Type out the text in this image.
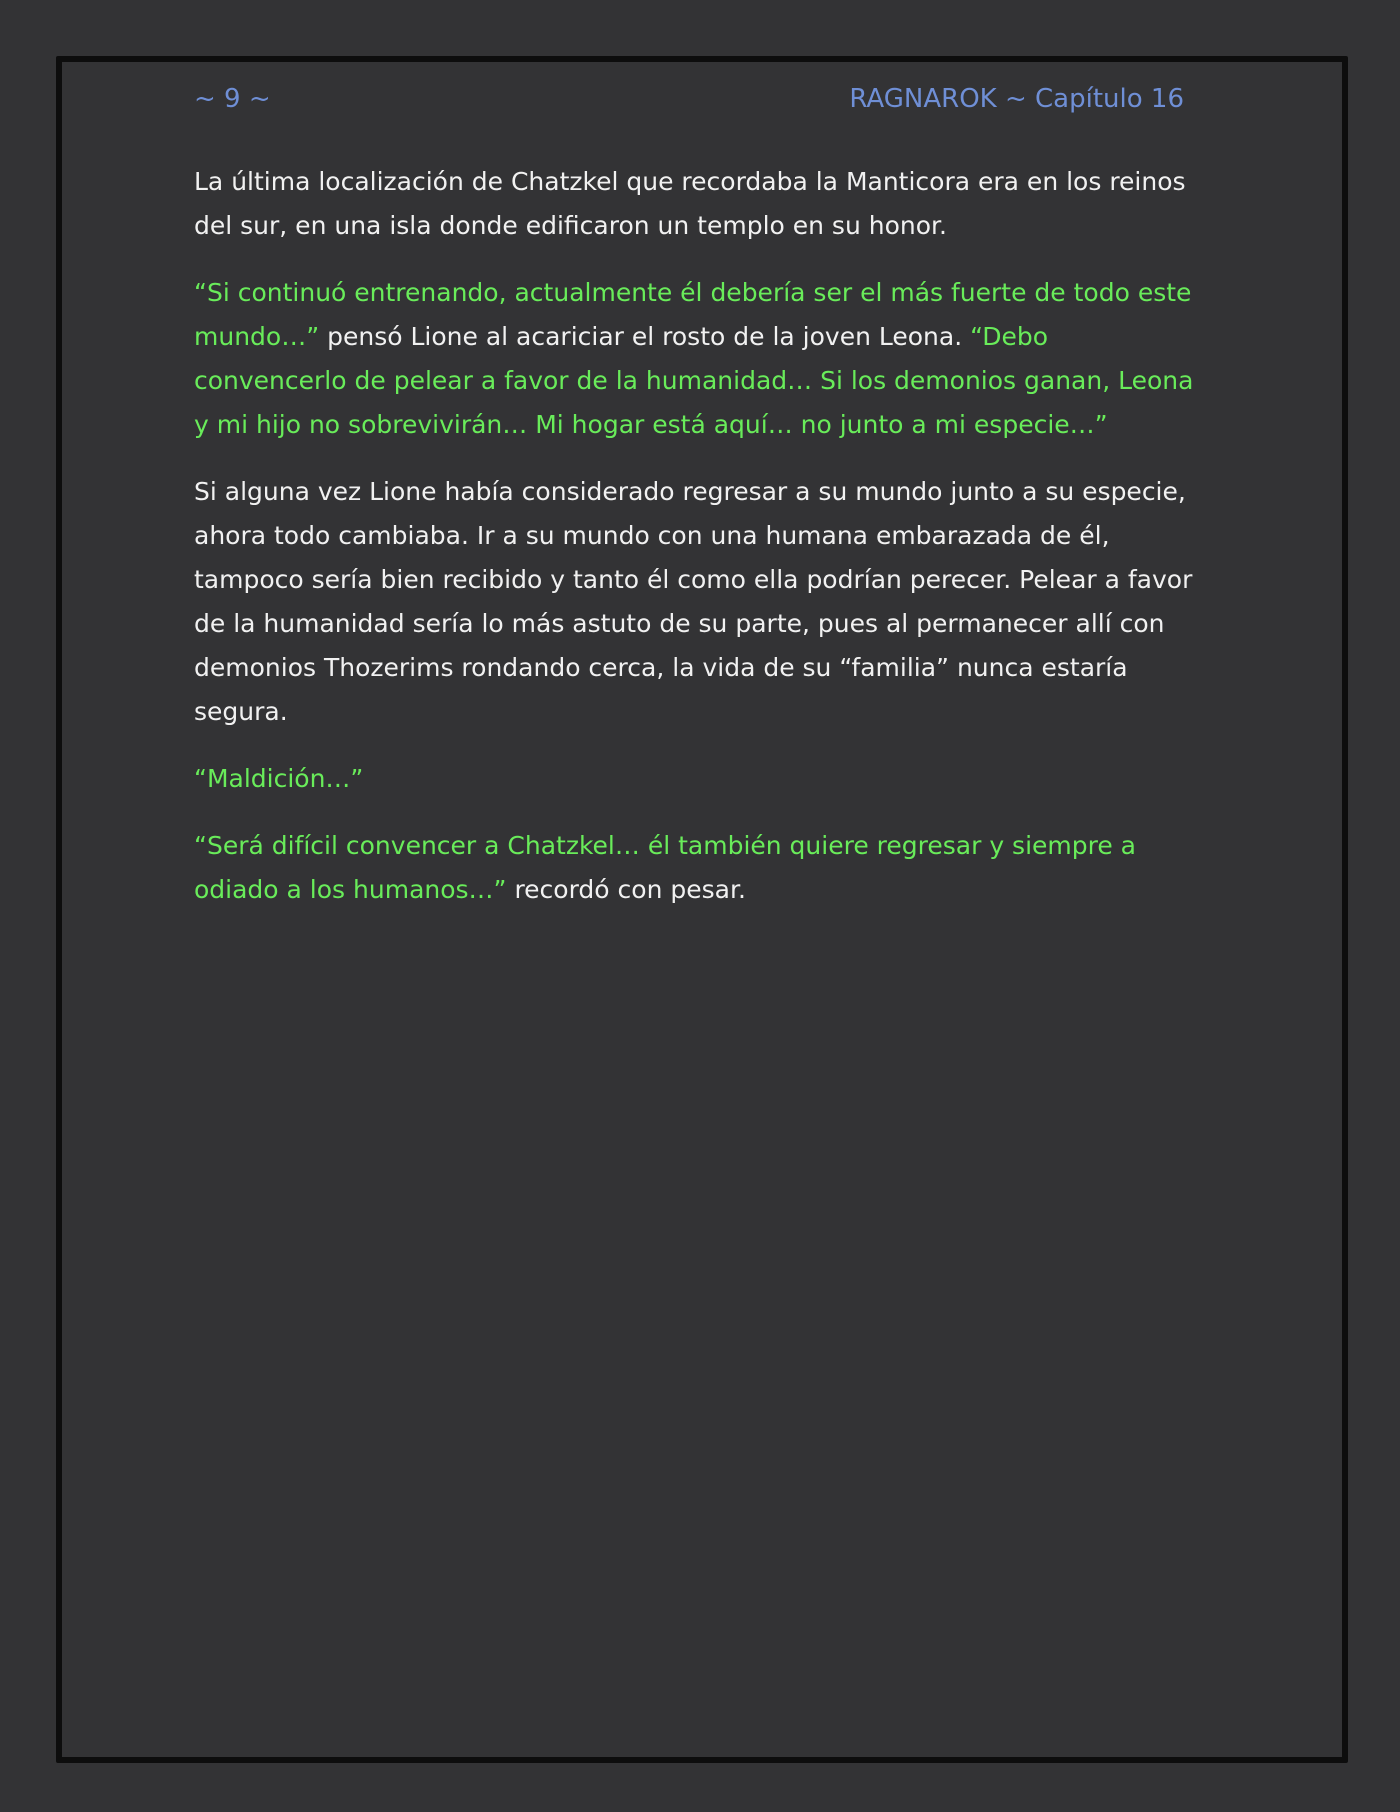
~ 9 ~	RAGNAROK ~ Capítulo 16

La última localización de Chatzkel que recordaba la Manticora era en los reinos del sur, en una isla donde edificaron un templo en su honor.

“Si continuó entrenando, actualmente él debería ser el más fuerte de todo este mundo…” pensó Lione al acariciar el rosto de la joven Leona. “Debo convencerlo de pelear a favor de la humanidad… Si los demonios ganan, Leona y mi hijo no sobrevivirán… Mi hogar está aquí… no junto a mi especie…”

Si alguna vez Lione había considerado regresar a su mundo junto a su especie, ahora todo cambiaba. Ir a su mundo con una humana embarazada de él, tampoco sería bien recibido y tanto él como ella podrían perecer. Pelear a favor de la humanidad sería lo más astuto de su parte, pues al permanecer allí con demonios Thozerims rondando cerca, la vida de su “familia” nunca estaría segura.

“Maldición…”

“Será difícil convencer a Chatzkel… él también quiere regresar y siempre a odiado a los humanos…” recordó con pesar.
